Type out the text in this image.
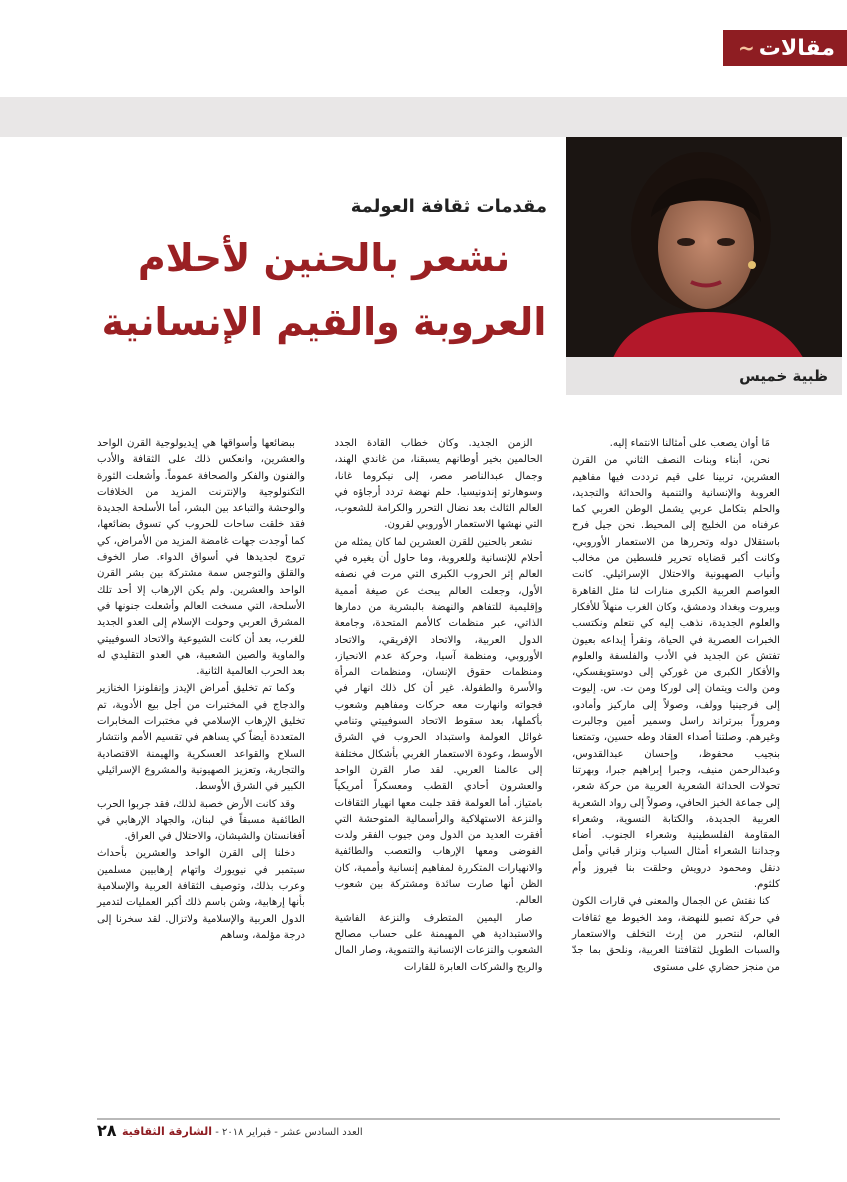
مقالات
~
ظبية خميس
مقدمات ثقافة العولمة
نشعر بالحنين لأحلام
العروبة والقيم الإنسانية

مَا أوان يصعب على أمثالنا الانتماء إليه.

نحن، أبناء وبنات النصف الثاني من القرن العشرين، تربينا على قيم ترددت فيها مفاهيم العروبة والإنسانية والتنمية والحداثة والتجديد، والحلم بتكامل عربي يشمل الوطن العربي كما عرفناه من الخليج إلى المحيط. نحن جيل فرح باستقلال دوله وتحررها من الاستعمار الأوروبي، وكانت أكبر قضاياه تحرير فلسطين من مخالب وأنياب الصهيونية والاحتلال الإسرائيلي. كانت العواصم العربية الكبرى منارات لنا مثل القاهرة وبيروت وبغداد ودمشق، وكان الغرب منهلاً للأفكار والعلوم الجديدة، نذهب إليه كي نتعلم ونكتسب الخبرات العصرية في الحياة، ونقرأ إبداعه بعيون تفتش عن الجديد في الأدب والفلسفة والعلوم والأفكار الكبرى من غوركي إلى دوستويفسكي، ومن والت ويتمان إلى لوركا ومن ت. س. إليوت إلى فرجينيا وولف، وصولاً إلى ماركيز وأمادو، ومروراً ببرتراند راسل وسمير أمين وجالبرت وغيرهم. وصلتنا أصداء العقاد وطه حسين، وتمتعنا بنجيب محفوظ، وإحسان عبدالقدوس، وعبدالرحمن منيف، وجبرا إبراهيم جبرا، وبهرتنا تحولات الحداثة الشعرية العربية من حركة شعر، إلى جماعة الخبز الحافي، وصولاً إلى رواد الشعرية العربية الجديدة، والكتابة النسوية، وشعراء المقاومة الفلسطينية وشعراء الجنوب. أضاء وجداننا الشعراء أمثال السياب ونزار قباني وأمل دنقل ومحمود درويش وحلقت بنا فيروز وأم كلثوم.

كنا نفتش عن الجمال والمعنى في قارات الكون في حركة تصبو للنهضة، ومد الخيوط مع ثقافات العالم، لنتحرر من إرث التخلف والاستعمار والسبات الطويل لثقافتنا العربية، ونلحق بما جدّ من منجز حضاري على مستوى

الزمن الجديد. وكان خطاب القادة الجدد الحالمين بخير أوطانهم يسبقنا، من غاندي الهند، وجمال عبدالناصر مصر، إلى نيكروما غانا، وسوهارتو إندونيسيا. حلم نهضة تردد أرجاؤه في العالم الثالث بعد نضال التحرر والكرامة للشعوب، التي نهشها الاستعمار الأوروبي لقرون.

نشعر بالحنين للقرن العشرين لما كان يمثله من أحلام للإنسانية وللعروبة، وما حاول أن يغيره في العالم إثر الحروب الكبرى التي مرت في نصفه الأول، وجعلت العالم يبحث عن صيغة أممية وإقليمية للتفاهم والنهضة بالبشرية من دمارها الذاتي، عبر منظمات كالأمم المتحدة، وجامعة الدول العربية، والاتحاد الإفريقي، والاتحاد الأوروبي، ومنظمة آسيا، وحركة عدم الانحياز، ومنظمات حقوق الإنسان، ومنظمات المرأة والأسرة والطفولة. غير أن كل ذلك انهار في فجواته وانهارت معه حركات ومفاهيم وشعوب بأكملها، بعد سقوط الاتحاد السوفييتي وتنامي غوائل العولمة واستبداد الحروب في الشرق الأوسط، وعودة الاستعمار الغربي بأشكال مختلفة إلى عالمنا العربي. لقد صار القرن الواحد والعشرون أحادي القطب ومعسكراً أمريكياً بامتياز. أما العولمة فقد جلبت معها انهيار الثقافات والنزعة الاستهلاكية والرأسمالية المتوحشة التي أفقرت العديد من الدول ومن جيوب الفقر ولدت الفوضى ومعها الإرهاب والتعصب والطائفية والانهيارات المتكررة لمفاهيم إنسانية وأممية، كان الظن أنها صارت سائدة ومشتركة بين شعوب العالم.

صار اليمين المتطرف والنزعة الفاشية والاستبدادية هي المهيمنة على حساب مصالح الشعوب والنزعات الإنسانية والتنموية، وصار المال والربح والشركات العابرة للقارات

ببضائعها وأسواقها هي إيديولوجية القرن الواحد والعشرين، وانعكس ذلك على الثقافة والأدب والفنون والفكر والصحافة عموماً. وأشعلت الثورة التكنولوجية والإنترنت المزيد من الخلافات والوحشة والتباعد بين البشر، أما الأسلحة الجديدة فقد خلقت ساحات للحروب كي تسوق بضائعها، كما أوجدت جهات غامضة المزيد من الأمراض، كي تروج لجديدها في أسواق الدواء. صار الخوف والقلق والتوجس سمة مشتركة بين بشر القرن الواحد والعشرين. ولم يكن الإرهاب إلا أحد تلك الأسلحة، التي مسخت العالم وأشعلت جنونها في المشرق العربي وحولت الإسلام إلى العدو الجديد للغرب، بعد أن كانت الشيوعية والاتحاد السوفييتي والماوية والصين الشعبية، هي العدو التقليدي له بعد الحرب العالمية الثانية.

وكما تم تخليق أمراض الإيدز وإنفلونزا الخنازير والدجاج في المختبرات من أجل بيع الأدوية، تم تخليق الإرهاب الإسلامي في مختبرات المخابرات المتعددة أيضاً كي يساهم في تقسيم الأمم وانتشار السلاح والقواعد العسكرية والهيمنة الاقتصادية والتجارية، وتعزيز الصهيونية والمشروع الإسرائيلي الكبير في الشرق الأوسط.

وقد كانت الأرض خصبة لذلك، فقد جربوا الحرب الطائفية مسبقاً في لبنان، والجهاد الإرهابي في أفغانستان والشيشان، والاحتلال في العراق.

دخلنا إلى القرن الواحد والعشرين بأحداث سبتمبر في نيويورك واتهام إرهابيين مسلمين وعرب بذلك، وتوصيف الثقافة العربية والإسلامية بأنها إرهابية، وشن باسم ذلك أكبر العمليات لتدمير الدول العربية والإسلامية ولاتزال. لقد سخرنا إلى درجة مؤلمة، وساهم

٢٨	العدد السادس عشر - فبراير ٢٠١٨ - الشارقة الثقافية
